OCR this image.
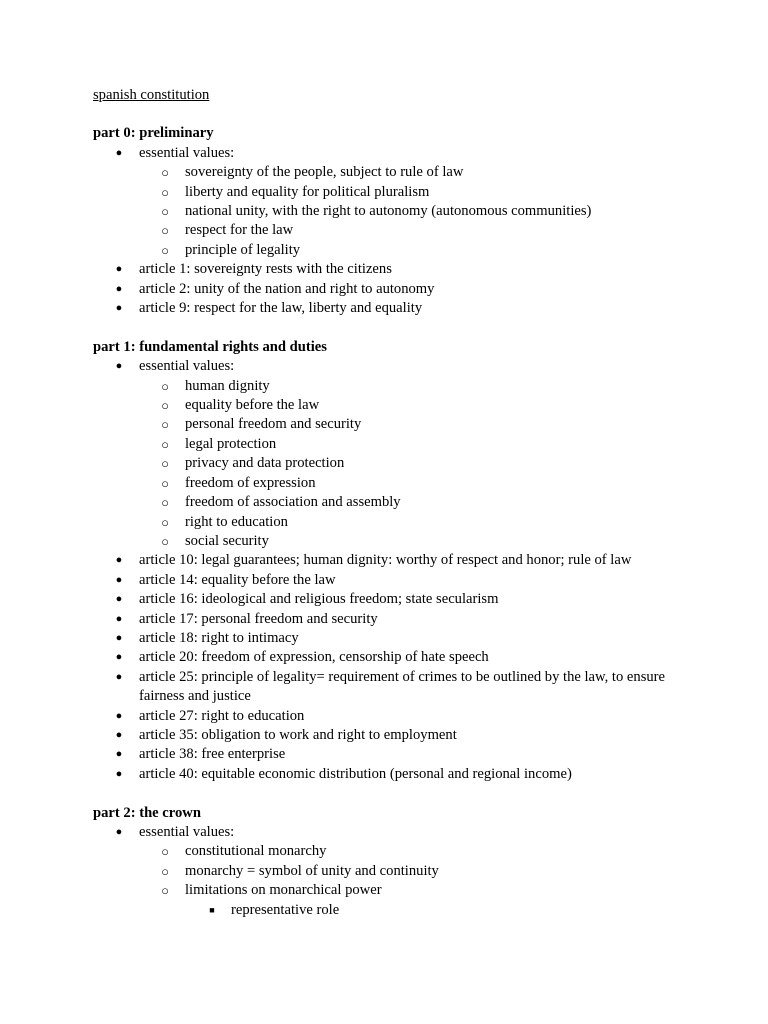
spanish constitution
part 0: preliminary
●	essential values:
○ sovereignty of the people, subject to rule of law
○ liberty and equality for political pluralism
○ national unity, with the right to autonomy (autonomous communities)
○ respect for the law
○ principle of legality
●	article 1: sovereignty rests with the citizens
●	article 2: unity of the nation and right to autonomy
●	article 9: respect for the law, liberty and equality
part 1: fundamental rights and duties
●	essential values:
○ human dignity
○ equality before the law
○ personal freedom and security
○ legal protection
○ privacy and data protection
○ freedom of expression
○ freedom of association and assembly
○ right to education
○ social security
●	article 10: legal guarantees; human dignity: worthy of respect and honor; rule of law
●	article 14: equality before the law
●	article 16: ideological and religious freedom; state secularism
●	article 17: personal freedom and security
●	article 18: right to intimacy
●	article 20: freedom of expression, censorship of hate speech
●	article 25: principle of legality= requirement of crimes to be outlined by the law, to ensure fairness and justice
●	article 27: right to education
●	article 35: obligation to work and right to employment
●	article 38: free enterprise
●	article 40: equitable economic distribution (personal and regional income)
part 2: the crown
●	essential values:
○ constitutional monarchy
○ monarchy = symbol of unity and continuity
○ limitations on monarchical power
■	representative role
